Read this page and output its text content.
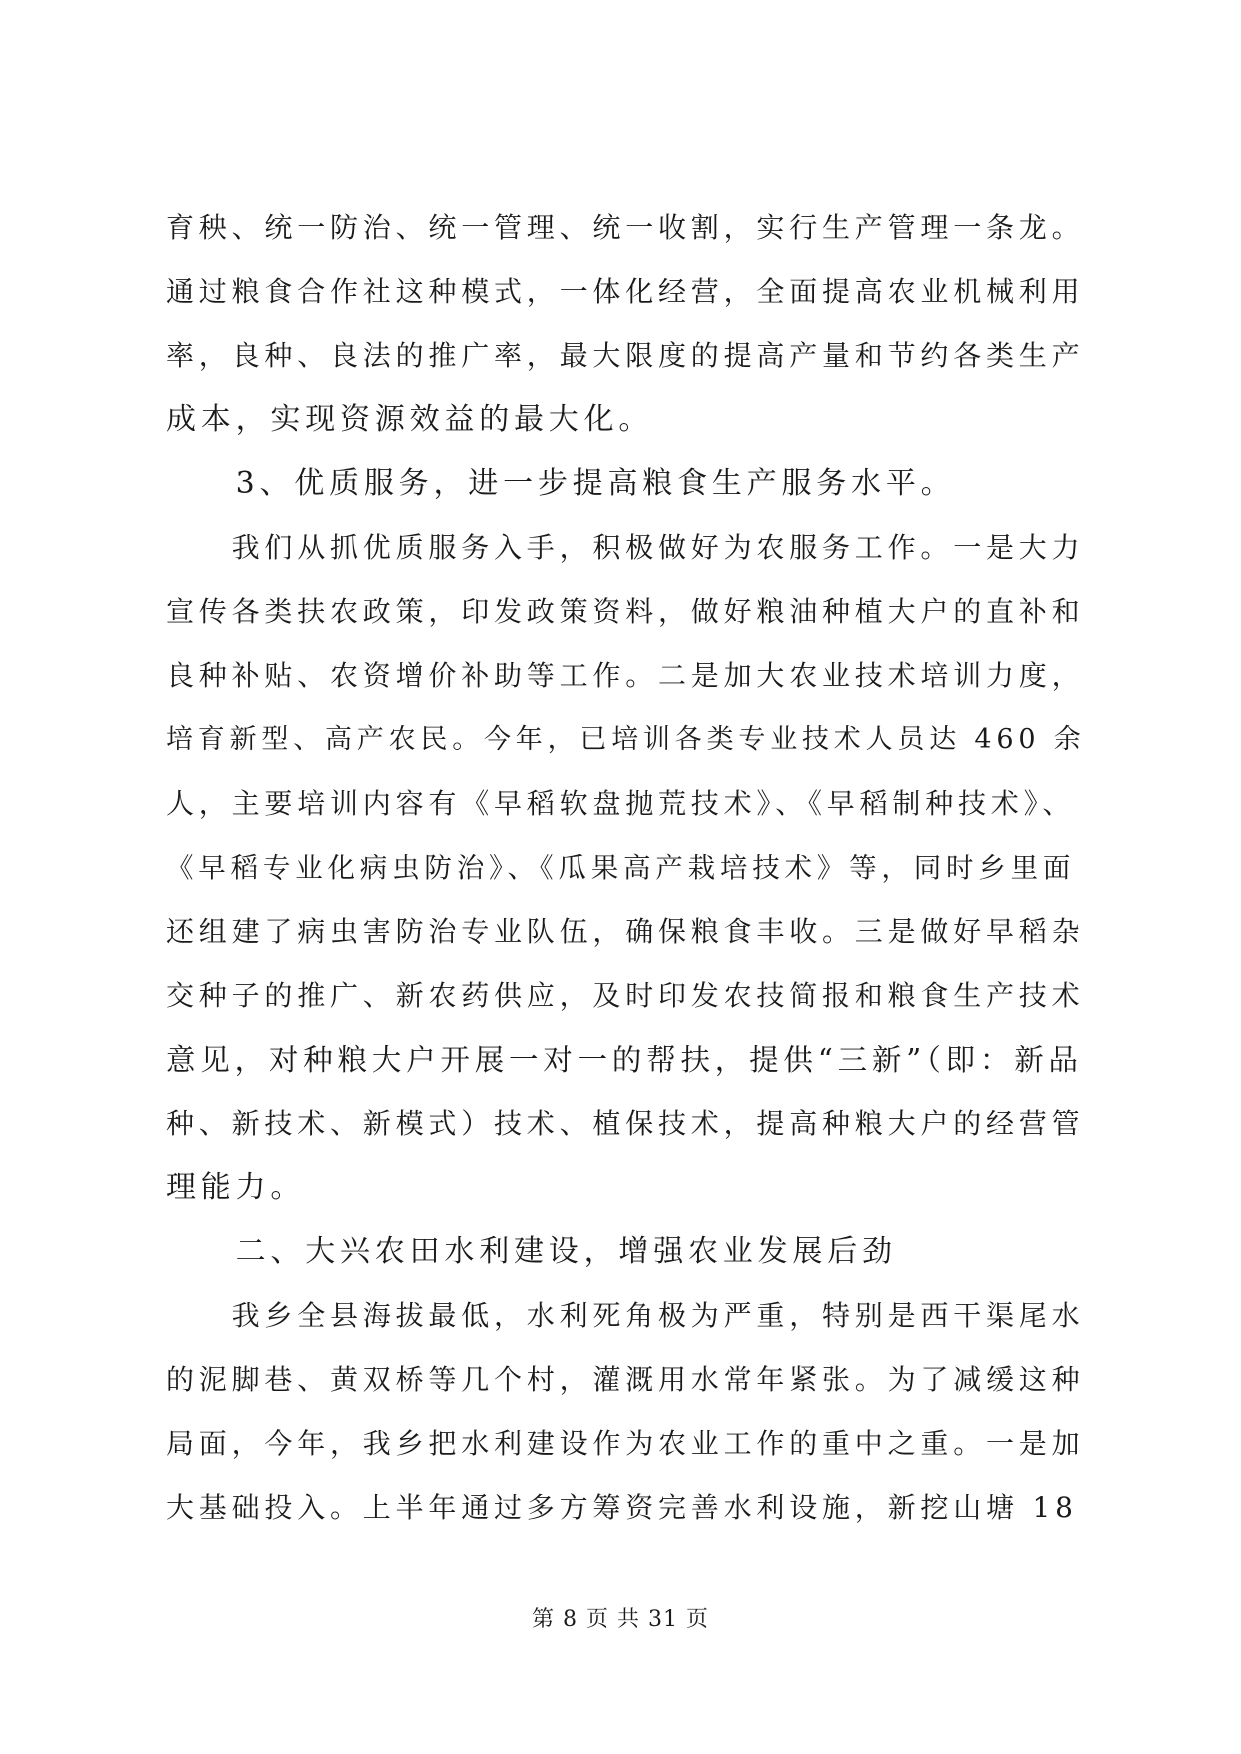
育秧、统一防治、统一管理、统一收割，实行生产管理一条龙。
通过粮食合作社这种模式，一体化经营，全面提高农业机械利用
率，良种、良法的推广率，最大限度的提高产量和节约各类生产
成本，实现资源效益的最大化。
　　3、优质服务，进一步提高粮食生产服务水平。
　　我们从抓优质服务入手，积极做好为农服务工作。一是大力
宣传各类扶农政策，印发政策资料，做好粮油种植大户的直补和
良种补贴、农资增价补助等工作。二是加大农业技术培训力度，
培育新型、高产农民。今年，已培训各类专业技术人员达 460 余
人，主要培训内容有《早稻软盘抛荒技术》、《早稻制种技术》、
《早稻专业化病虫防治》、《瓜果高产栽培技术》等，同时乡里面
还组建了病虫害防治专业队伍，确保粮食丰收。三是做好早稻杂
交种子的推广、新农药供应，及时印发农技简报和粮食生产技术
意见，对种粮大户开展一对一的帮扶，提供“三新”（即：新品
种、新技术、新模式）技术、植保技术，提高种粮大户的经营管
理能力。
　　二、大兴农田水利建设，增强农业发展后劲
　　我乡全县海拔最低，水利死角极为严重，特别是西干渠尾水
的泥脚巷、黄双桥等几个村，灌溉用水常年紧张。为了减缓这种
局面，今年，我乡把水利建设作为农业工作的重中之重。一是加
大基础投入。上半年通过多方筹资完善水利设施，新挖山塘 18
第 8 页 共 31 页
